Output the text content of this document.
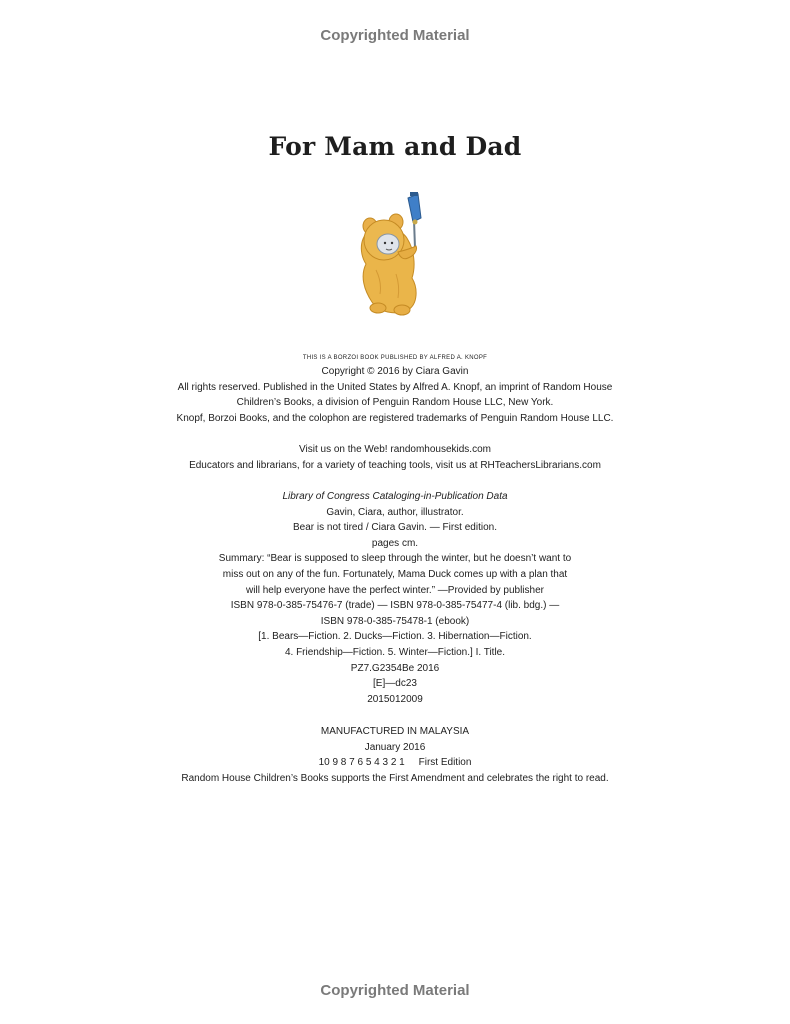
Copyrighted Material
For Mam and Dad
THIS IS A BORZOI BOOK PUBLISHED BY ALFRED A. KNOPF
Copyright © 2016 by Ciara Gavin
All rights reserved. Published in the United States by Alfred A. Knopf, an imprint of Random House
Children’s Books, a division of Penguin Random House LLC, New York.
Knopf, Borzoi Books, and the colophon are registered trademarks of Penguin Random House LLC.
Visit us on the Web! randomhousekids.com
Educators and librarians, for a variety of teaching tools, visit us at RHTeachersLibrarians.com
Library of Congress Cataloging-in-Publication Data
Gavin, Ciara, author, illustrator.
Bear is not tired / Ciara Gavin. — First edition.
pages cm.
Summary: “Bear is supposed to sleep through the winter, but he doesn’t want to
miss out on any of the fun. Fortunately, Mama Duck comes up with a plan that
will help everyone have the perfect winter.” —Provided by publisher
ISBN 978-0-385-75476-7 (trade) — ISBN 978-0-385-75477-4 (lib. bdg.) —
ISBN 978-0-385-75478-1 (ebook)
[1. Bears—Fiction. 2. Ducks—Fiction. 3. Hibernation—Fiction.
4. Friendship—Fiction. 5. Winter—Fiction.] I. Title.
PZ7.G2354Be 2016
[E]—dc23
2015012009
MANUFACTURED IN MALAYSIA
January 2016
10 9 8 7 6 5 4 3 2 1     First Edition
Random House Children’s Books supports the First Amendment and celebrates the right to read.
Copyrighted Material
